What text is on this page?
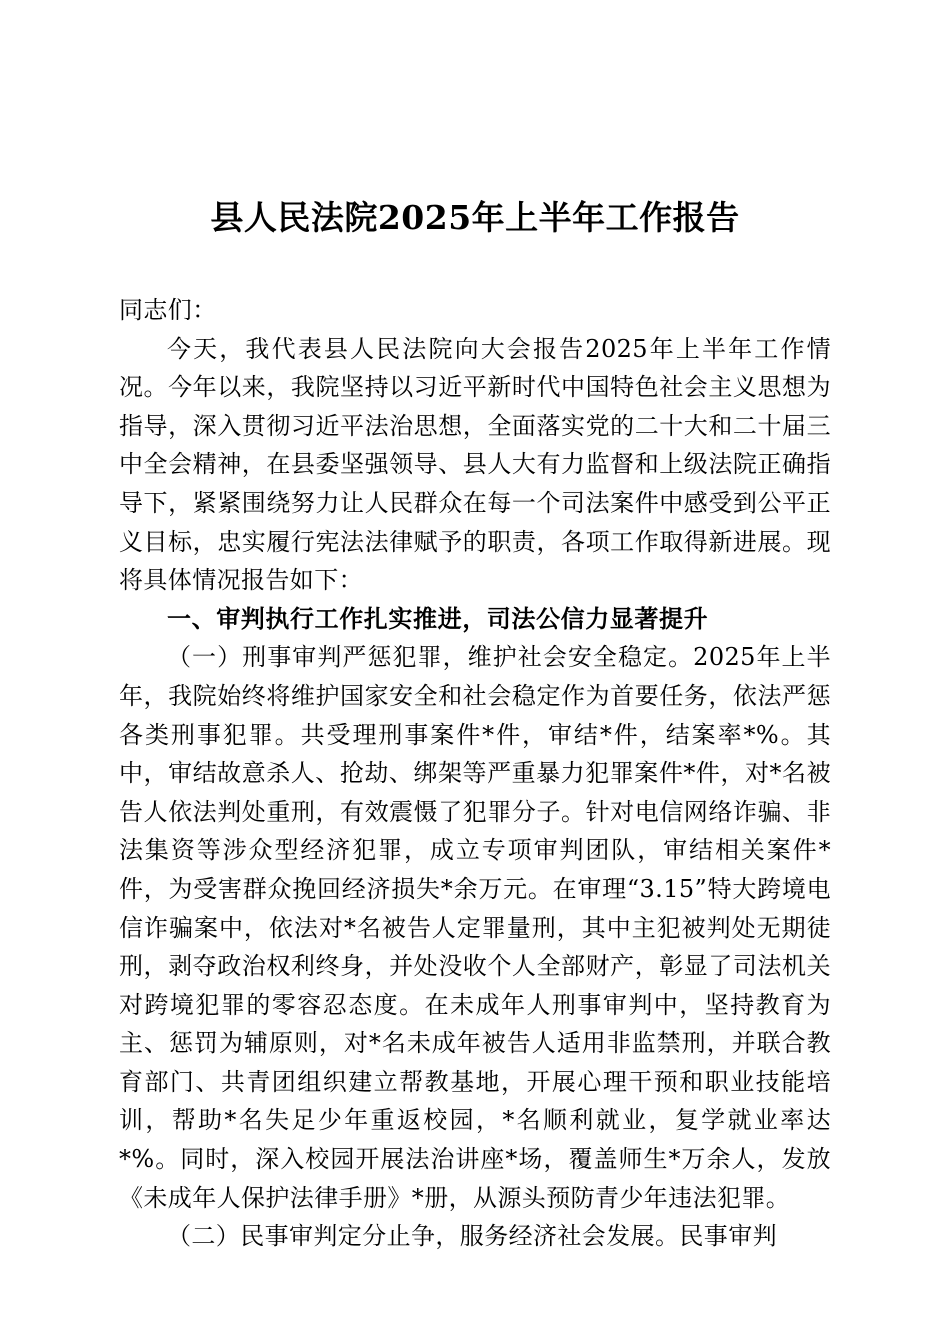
县人民法院2025年上半年工作报告

同志们：

今天，我代表县人民法院向大会报告2025年上半年工作情况。今年以来，我院坚持以习近平新时代中国特色社会主义思想为指导，深入贯彻习近平法治思想，全面落实党的二十大和二十届三中全会精神，在县委坚强领导、县人大有力监督和上级法院正确指导下，紧紧围绕努力让人民群众在每一个司法案件中感受到公平正义目标，忠实履行宪法法律赋予的职责，各项工作取得新进展。现将具体情况报告如下：

一、审判执行工作扎实推进，司法公信力显著提升

（一）刑事审判严惩犯罪，维护社会安全稳定。2025年上半年，我院始终将维护国家安全和社会稳定作为首要任务，依法严惩各类刑事犯罪。共受理刑事案件*件，审结*件，结案率*%。其中，审结故意杀人、抢劫、绑架等严重暴力犯罪案件*件，对*名被告人依法判处重刑，有效震慑了犯罪分子。针对电信网络诈骗、非法集资等涉众型经济犯罪，成立专项审判团队，审结相关案件*件，为受害群众挽回经济损失*余万元。在审理“3.15”特大跨境电信诈骗案中，依法对*名被告人定罪量刑，其中主犯被判处无期徒刑，剥夺政治权利终身，并处没收个人全部财产，彰显了司法机关对跨境犯罪的零容忍态度。在未成年人刑事审判中，坚持教育为主、惩罚为辅原则，对*名未成年被告人适用非监禁刑，并联合教育部门、共青团组织建立帮教基地，开展心理干预和职业技能培训，帮助*名失足少年重返校园，*名顺利就业，复学就业率达*%。同时，深入校园开展法治讲座*场，覆盖师生*万余人，发放《未成年人保护法律手册》*册，从源头预防青少年违法犯罪。

（二）民事审判定分止争，服务经济社会发展。民事审判
